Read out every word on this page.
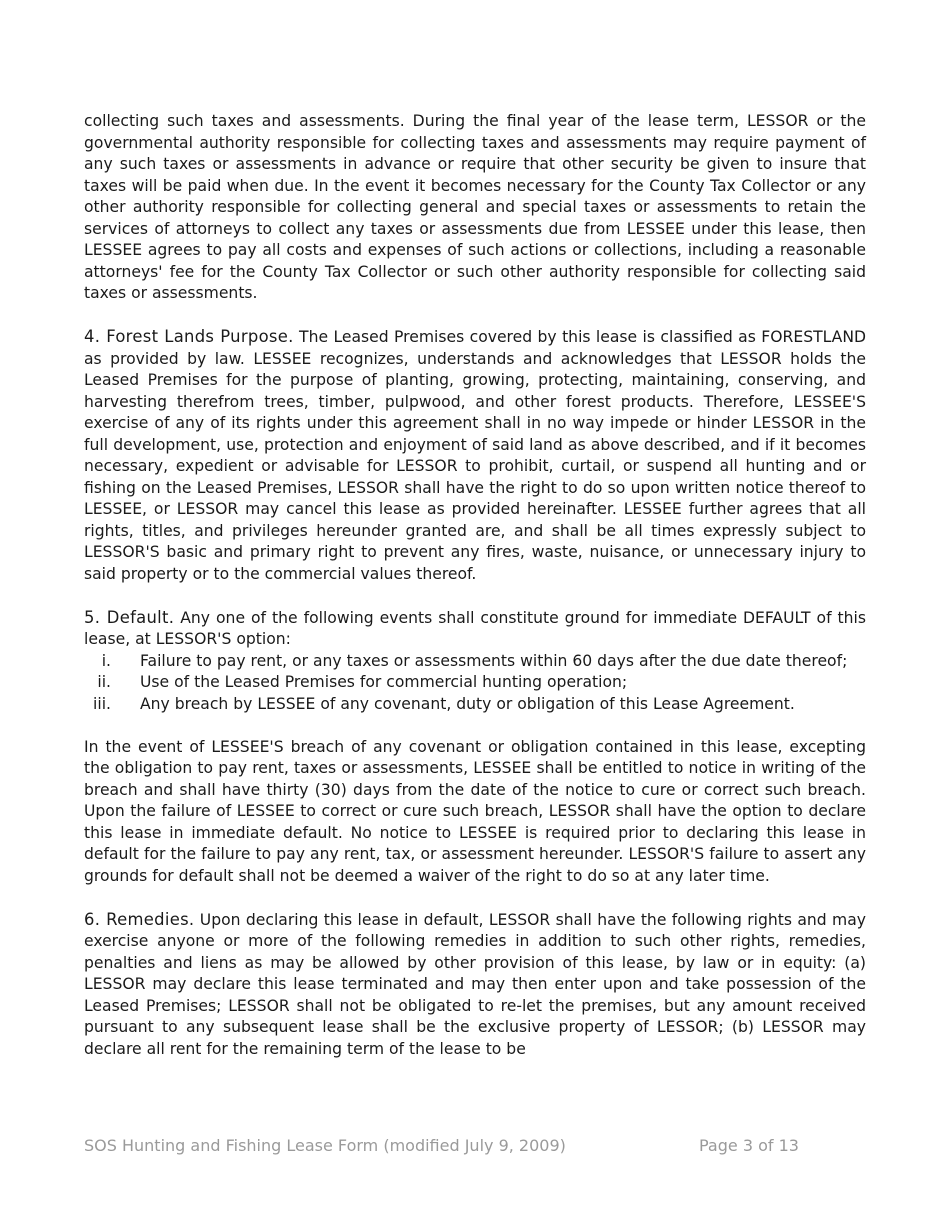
collecting such taxes and assessments. During the final year of the lease term, LESSOR or the governmental authority responsible for collecting taxes and assessments may require payment of any such taxes or assessments in advance or require that other security be given to insure that taxes will be paid when due. In the event it becomes necessary for the County Tax Collector or any other authority responsible for collecting general and special taxes or assessments to retain the services of attorneys to collect any taxes or assessments due from LESSEE under this lease, then LESSEE agrees to pay all costs and expenses of such actions or collections, including a reasonable attorneys' fee for the County Tax Collector or such other authority responsible for collecting said taxes or assessments.

4. Forest Lands Purpose. The Leased Premises covered by this lease is classified as FORESTLAND as provided by law. LESSEE recognizes, understands and acknowledges that LESSOR holds the Leased Premises for the purpose of planting, growing, protecting, maintaining, conserving, and harvesting therefrom trees, timber, pulpwood, and other forest products. Therefore, LESSEE'S exercise of any of its rights under this agreement shall in no way impede or hinder LESSOR in the full development, use, protection and enjoyment of said land as above described, and if it becomes necessary, expedient or advisable for LESSOR to prohibit, curtail, or suspend all hunting and or fishing on the Leased Premises, LESSOR shall have the right to do so upon written notice thereof to LESSEE, or LESSOR may cancel this lease as provided hereinafter. LESSEE further agrees that all rights, titles, and privileges hereunder granted are, and shall be all times expressly subject to LESSOR'S basic and primary right to prevent any fires, waste, nuisance, or unnecessary injury to said property or to the commercial values thereof.

5. Default. Any one of the following events shall constitute ground for immediate DEFAULT of this lease, at LESSOR'S option:

i. Failure to pay rent, or any taxes or assessments within 60 days after the due date thereof;
ii. Use of the Leased Premises for commercial hunting operation;
iii. Any breach by LESSEE of any covenant, duty or obligation of this Lease Agreement.

In the event of LESSEE'S breach of any covenant or obligation contained in this lease, excepting the obligation to pay rent, taxes or assessments, LESSEE shall be entitled to notice in writing of the breach and shall have thirty (30) days from the date of the notice to cure or correct such breach. Upon the failure of LESSEE to correct or cure such breach, LESSOR shall have the option to declare this lease in immediate default. No notice to LESSEE is required prior to declaring this lease in default for the failure to pay any rent, tax, or assessment hereunder. LESSOR'S failure to assert any grounds for default shall not be deemed a waiver of the right to do so at any later time.

6. Remedies. Upon declaring this lease in default, LESSOR shall have the following rights and may exercise anyone or more of the following remedies in addition to such other rights, remedies, penalties and liens as may be allowed by other provision of this lease, by law or in equity: (a) LESSOR may declare this lease terminated and may then enter upon and take possession of the Leased Premises; LESSOR shall not be obligated to re-let the premises, but any amount received pursuant to any subsequent lease shall be the exclusive property of LESSOR; (b) LESSOR may declare all rent for the remaining term of the lease to be

SOS Hunting and Fishing Lease Form (modified July 9, 2009)	Page 3 of 13
